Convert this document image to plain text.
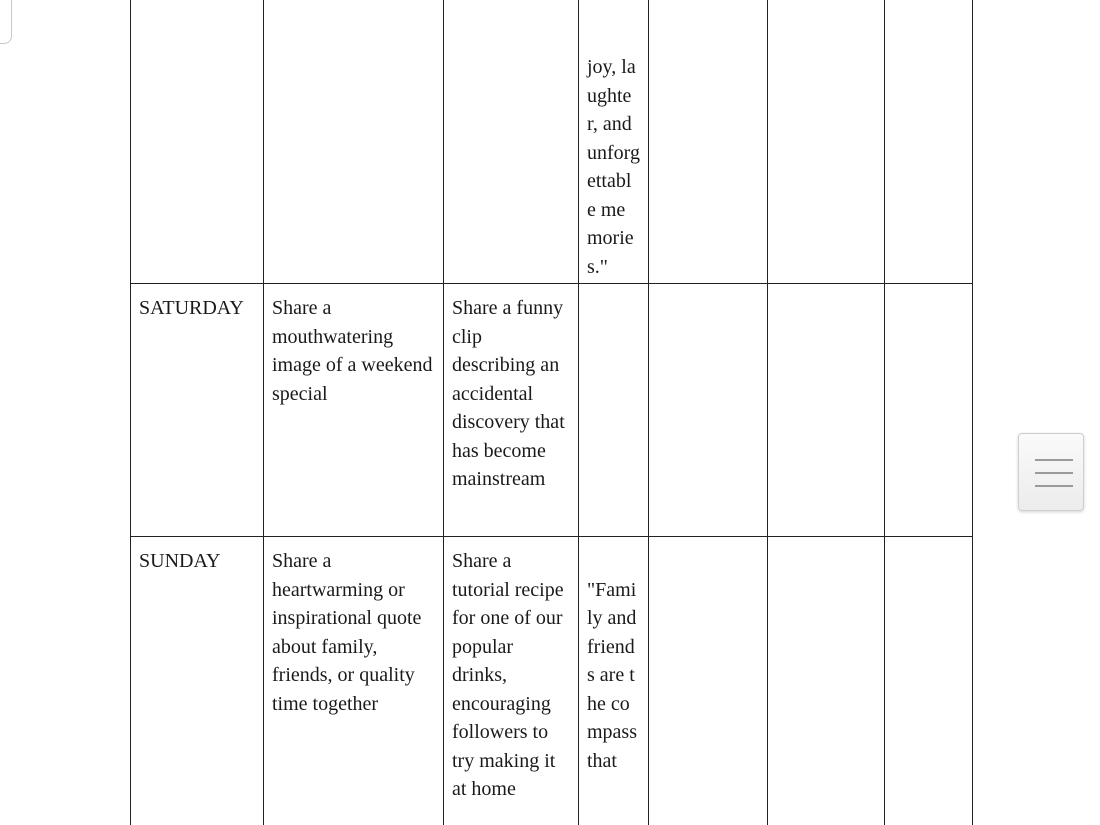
			joy, laughter, and unforgettable memories."			
SATURDAY	Share a mouthwatering image of a weekend special	Share a funny clip describing an accidental discovery that has become mainstream				
SUNDAY	Share a heartwarming or inspirational quote about family, friends, or quality time together	Share a tutorial recipe for one of our popular drinks, encouraging followers to try making it at home	"Family and friends are the compass that			
